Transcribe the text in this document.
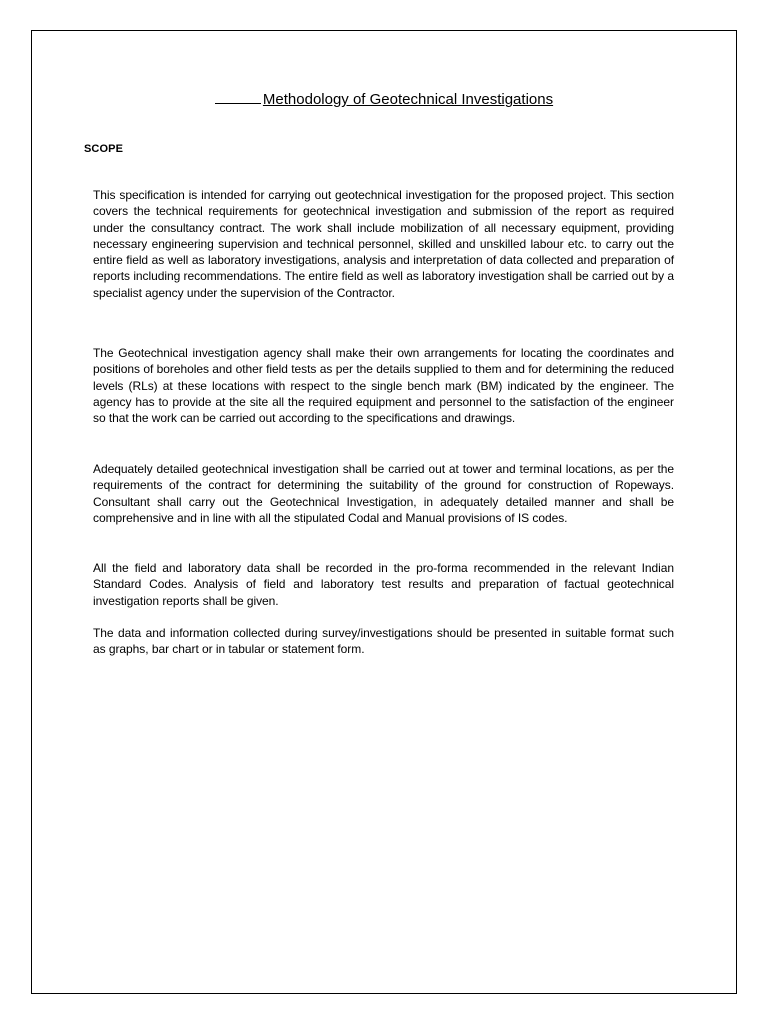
Methodology of Geotechnical Investigations
SCOPE

This specification is intended for carrying out geotechnical investigation for the proposed project. This section covers the technical requirements for geotechnical investigation and submission of the report as required under the consultancy contract. The work shall include mobilization of all necessary equipment, providing necessary engineering supervision and technical personnel, skilled and unskilled labour etc. to carry out the entire field as well as laboratory investigations, analysis and interpretation of data collected and preparation of reports including recommendations. The entire field as well as laboratory investigation shall be carried out by a specialist agency under the supervision of the Contractor.

The Geotechnical investigation agency shall make their own arrangements for locating the coordinates and positions of boreholes and other field tests as per the details supplied to them and for determining the reduced levels (RLs) at these locations with respect to the single bench mark (BM) indicated by the engineer. The agency has to provide at the site all the required equipment and personnel to the satisfaction of the engineer so that the work can be carried out according to the specifications and drawings.

Adequately detailed geotechnical investigation shall be carried out at tower and terminal locations, as per the requirements of the contract for determining the suitability of the ground for construction of Ropeways. Consultant shall carry out the Geotechnical Investigation, in adequately detailed manner and shall be comprehensive and in line with all the stipulated Codal and Manual provisions of IS codes.

All the field and laboratory data shall be recorded in the pro-forma recommended in the relevant Indian Standard Codes. Analysis of field and laboratory test results and preparation of factual geotechnical investigation reports shall be given.

The data and information collected during survey/investigations should be presented in suitable format such as graphs, bar chart or in tabular or statement form.
